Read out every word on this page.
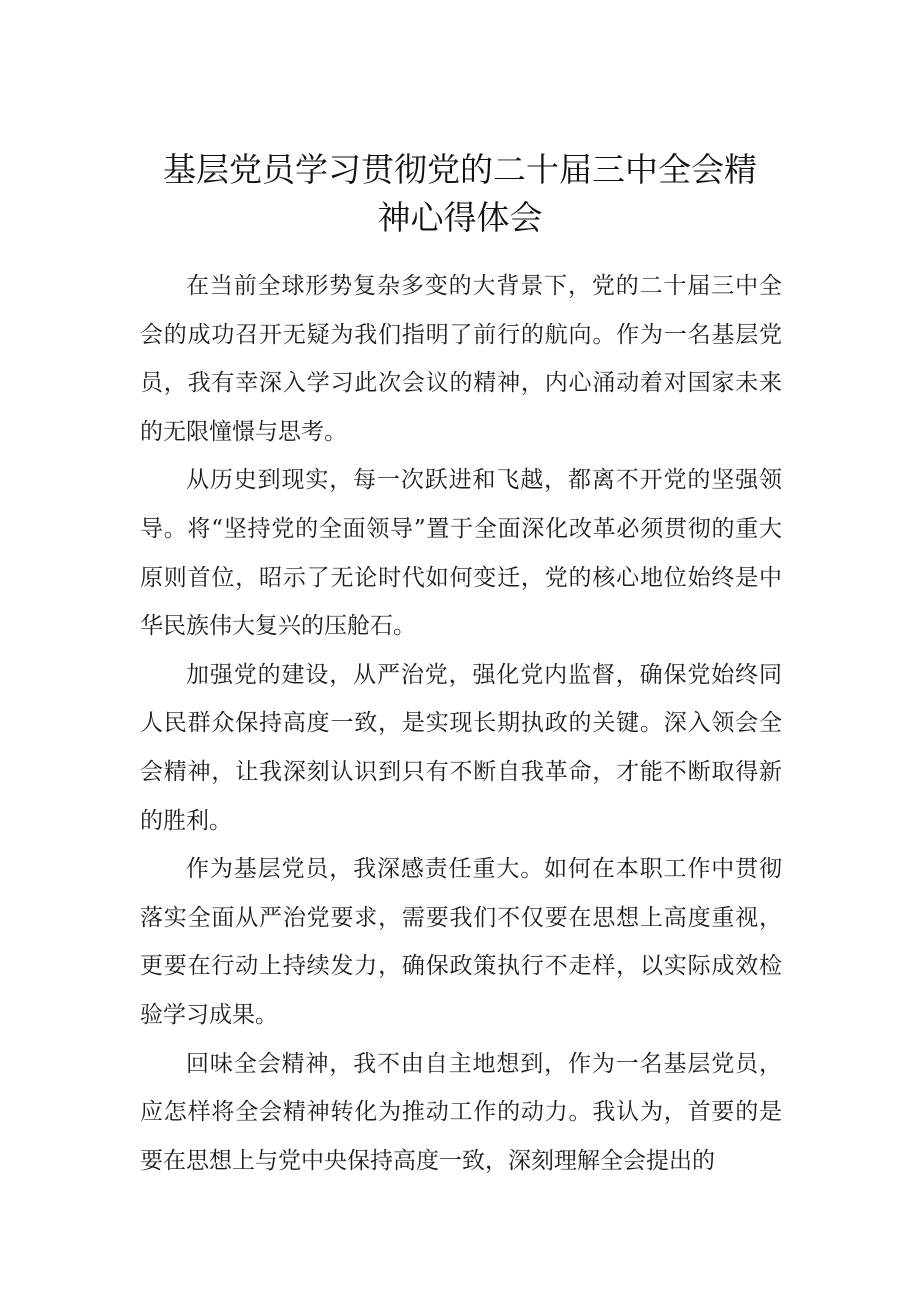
基层党员学习贯彻党的二十届三中全会精
神心得体会

在当前全球形势复杂多变的大背景下，党的二十届三中全会的成功召开无疑为我们指明了前行的航向。作为一名基层党员，我有幸深入学习此次会议的精神，内心涌动着对国家未来的无限憧憬与思考。

从历史到现实，每一次跃进和飞越，都离不开党的坚强领导。将“坚持党的全面领导”置于全面深化改革必须贯彻的重大原则首位，昭示了无论时代如何变迁，党的核心地位始终是中华民族伟大复兴的压舱石。

加强党的建设，从严治党，强化党内监督，确保党始终同人民群众保持高度一致，是实现长期执政的关键。深入领会全会精神，让我深刻认识到只有不断自我革命，才能不断取得新的胜利。

作为基层党员，我深感责任重大。如何在本职工作中贯彻落实全面从严治党要求，需要我们不仅要在思想上高度重视，更要在行动上持续发力，确保政策执行不走样，以实际成效检验学习成果。

回味全会精神，我不由自主地想到，作为一名基层党员，应怎样将全会精神转化为推动工作的动力。我认为，首要的是要在思想上与党中央保持高度一致，深刻理解全会提出的
